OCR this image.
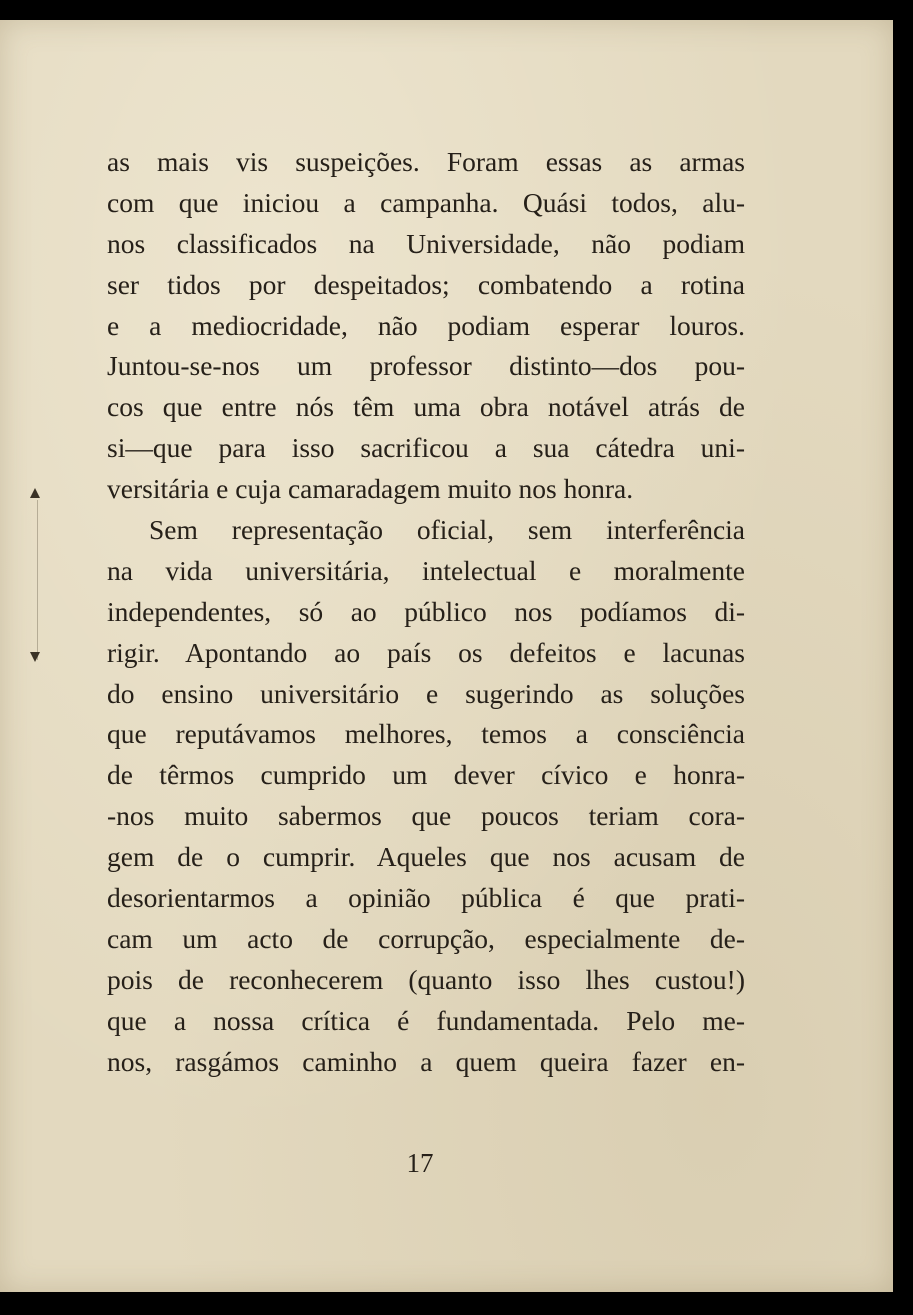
as mais vis suspeições. Foram essas as armas
com que iniciou a campanha. Quási todos, alu-
nos classificados na Universidade, não podiam
ser tidos por despeitados; combatendo a rotina
e a mediocridade, não podiam esperar louros.
Juntou-se-nos um professor distinto—dos pou-
cos que entre nós têm uma obra notável atrás de
si—que para isso sacrificou a sua cátedra uni-
versitária e cuja camaradagem muito nos honra.
Sem representação oficial, sem interferência
na vida universitária, intelectual e moralmente
independentes, só ao público nos podíamos di-
rigir. Apontando ao país os defeitos e lacunas
do ensino universitário e sugerindo as soluções
que reputávamos melhores, temos a consciência
de têrmos cumprido um dever cívico e honra-
-nos muito sabermos que poucos teriam cora-
gem de o cumprir. Aqueles que nos acusam de
desorientarmos a opinião pública é que prati-
cam um acto de corrupção, especialmente de-
pois de reconhecerem (quanto isso lhes custou!)
que a nossa crítica é fundamentada. Pelo me-
nos, rasgámos caminho a quem queira fazer en-
17
